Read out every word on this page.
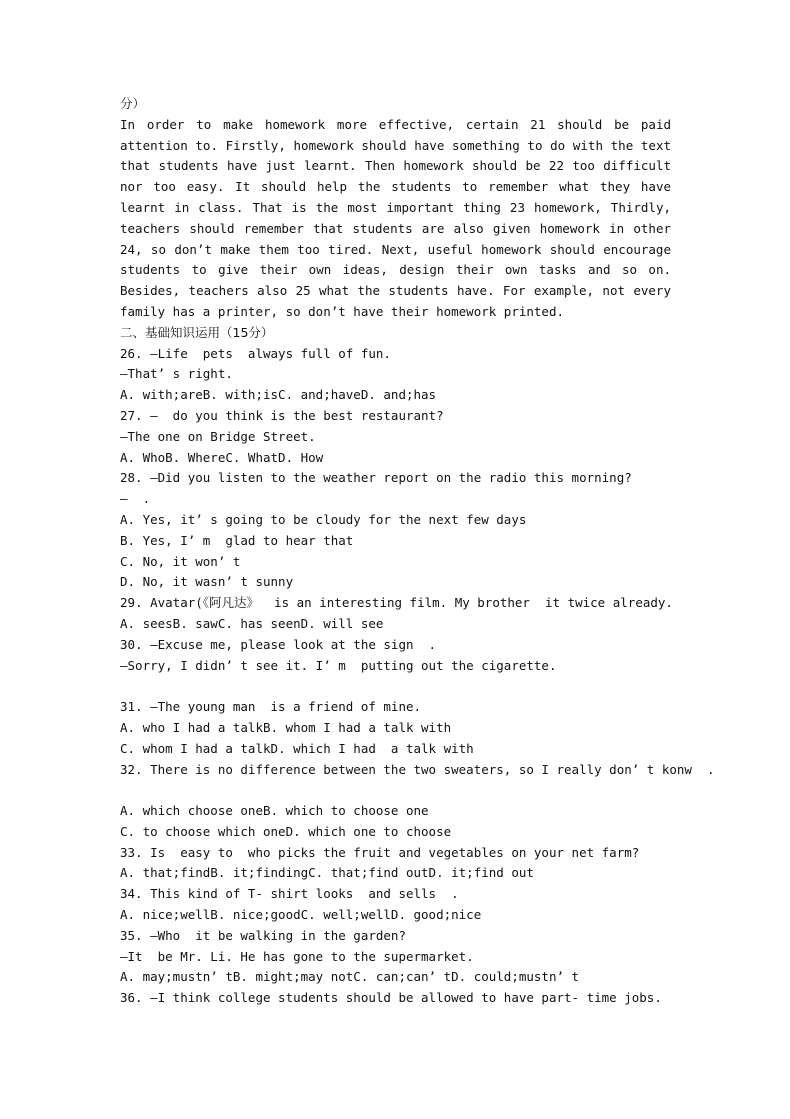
分）
In order to make homework more effective, certain 21 should be paid attention to. Firstly, homework should have something to do with the text that students have just learnt. Then homework should be 22 too difficult nor too easy. It should help the students to remember what they have learnt in class. That is the most important thing 23 homework, Thirdly, teachers should remember that students are also given homework in other 24, so don’t make them too tired. Next, useful homework should encourage students to give their own ideas, design their own tasks and so on. Besides, teachers also 25 what the students have. For example, not every family has a printer, so don’t have their homework printed.
二、基础知识运用（15分）
26. —Life  pets  always full of fun.
—That’ s right.
A. with;areB. with;isC. and;haveD. and;has
27. —  do you think is the best restaurant?
—The one on Bridge Street.
A. WhoB. WhereC. WhatD. How
28. —Did you listen to the weather report on the radio this morning?
—  .
A. Yes, it’ s going to be cloudy for the next few days
B. Yes, I’ m  glad to hear that
C. No, it won’ t
D. No, it wasn’ t sunny
29. Avatar(《阿凡达》  is an interesting film. My brother  it twice already.
A. seesB. sawC. has seenD. will see
30. —Excuse me, please look at the sign  .
—Sorry, I didn’ t see it. I’ m  putting out the cigarette.
31. —The young man  is a friend of mine.
A. who I had a talkB. whom I had a talk with
C. whom I had a talkD. which I had  a talk with
32. There is no difference between the two sweaters, so I really don’ t konw  .
A. which choose oneB. which to choose one
C. to choose which oneD. which one to choose
33. Is  easy to  who picks the fruit and vegetables on your net farm?
A. that;findB. it;findingC. that;find outD. it;find out
34. This kind of T- shirt looks  and sells  .
A. nice;wellB. nice;goodC. well;wellD. good;nice
35. —Who  it be walking in the garden?
—It  be Mr. Li. He has gone to the supermarket.
A. may;mustn’ tB. might;may notC. can;can’ tD. could;mustn’ t
36. —I think college students should be allowed to have part- time jobs.
